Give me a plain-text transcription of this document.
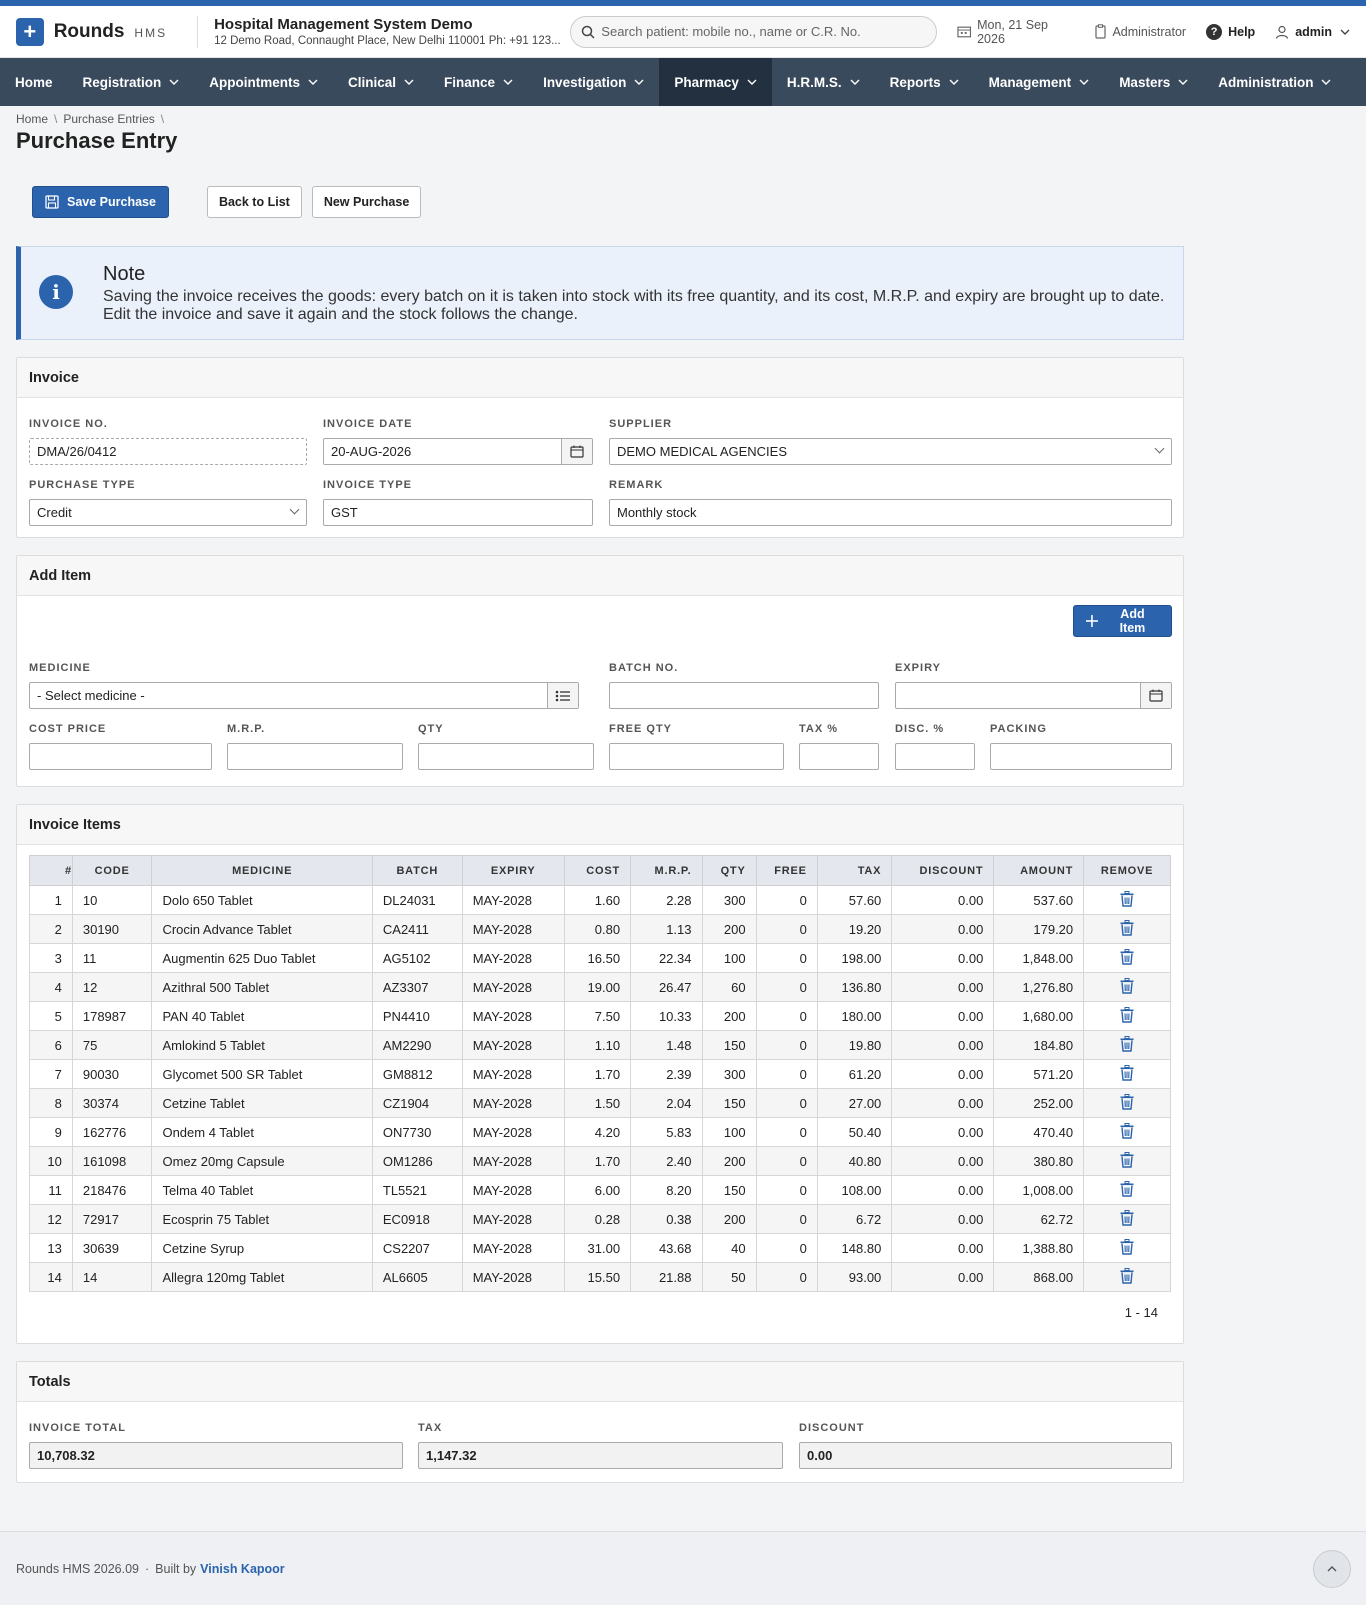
+ Rounds HMS	Hospital Management System Demo
12 Demo Road, Connaught Place, New Delhi 110001 Ph: +91 123...
Search patient: mobile no., name or C.R. No.	Mon, 21 Sep 2026	Administrator	? Help	admin
Home Registration	Appointments	Clinical	Finance	Investigation	Pharmacy	H.R.M.S.	Reports	Management	Masters	Administration
Home \ Purchase Entries \
Purchase Entry
Save Purchase	Back to List	New Purchase
i
Note
Saving the invoice receives the goods: every batch on it is taken into stock with its free quantity, and its cost, M.R.P. and expiry are brought up to date. Edit the invoice and save it again and the stock follows the change.
Invoice
INVOICE NO.
DMA/26/0412
INVOICE DATE
20-AUG-2026
SUPPLIER
DEMO MEDICAL AGENCIES
PURCHASE TYPE
Credit
INVOICE TYPE
GST
REMARK
Monthly stock
Add Item
Add Item
MEDICINE
- Select medicine -
BATCH NO.	EXPIRY
COST PRICE	M.R.P.	QTY	FREE QTY	TAX %	DISC. %	PACKING
Invoice Items
#	CODE	MEDICINE	BATCH	EXPIRY	COST	M.R.P.	QTY	FREE	TAX	DISCOUNT	AMOUNT	REMOVE
1	10	Dolo 650 Tablet	DL24031	MAY-2028	1.60	2.28	300	0	57.60	0.00	537.60	
2	30190	Crocin Advance Tablet	CA2411	MAY-2028	0.80	1.13	200	0	19.20	0.00	179.20	
3	11	Augmentin 625 Duo Tablet	AG5102	MAY-2028	16.50	22.34	100	0	198.00	0.00	1,848.00	
4	12	Azithral 500 Tablet	AZ3307	MAY-2028	19.00	26.47	60	0	136.80	0.00	1,276.80	
5	178987	PAN 40 Tablet	PN4410	MAY-2028	7.50	10.33	200	0	180.00	0.00	1,680.00	
6	75	Amlokind 5 Tablet	AM2290	MAY-2028	1.10	1.48	150	0	19.80	0.00	184.80	
7	90030	Glycomet 500 SR Tablet	GM8812	MAY-2028	1.70	2.39	300	0	61.20	0.00	571.20	
8	30374	Cetzine Tablet	CZ1904	MAY-2028	1.50	2.04	150	0	27.00	0.00	252.00	
9	162776	Ondem 4 Tablet	ON7730	MAY-2028	4.20	5.83	100	0	50.40	0.00	470.40	
10	161098	Omez 20mg Capsule	OM1286	MAY-2028	1.70	2.40	200	0	40.80	0.00	380.80	
11	218476	Telma 40 Tablet	TL5521	MAY-2028	6.00	8.20	150	0	108.00	0.00	1,008.00	
12	72917	Ecosprin 75 Tablet	EC0918	MAY-2028	0.28	0.38	200	0	6.72	0.00	62.72	
13	30639	Cetzine Syrup	CS2207	MAY-2028	31.00	43.68	40	0	148.80	0.00	1,388.80	
14	14	Allegra 120mg Tablet	AL6605	MAY-2028	15.50	21.88	50	0	93.00	0.00	868.00	
1 - 14
Totals
INVOICE TOTAL
10,708.32
TAX
1,147.32
DISCOUNT
0.00
Rounds HMS 2026.09 · Built by Vinish Kapoor
